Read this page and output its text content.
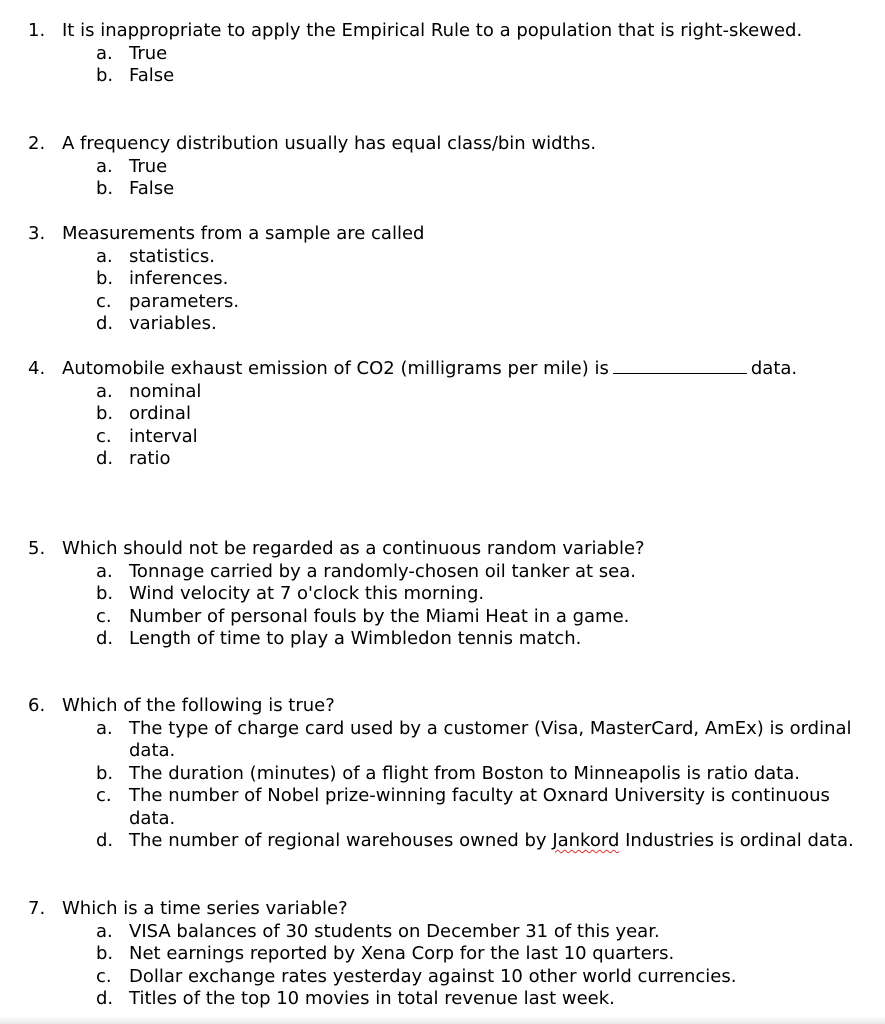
1. It is inappropriate to apply the Empirical Rule to a population that is right-skewed.
a. True
b. False
2. A frequency distribution usually has equal class/bin widths.
a. True
b. False
3. Measurements from a sample are called
a. statistics.
b. inferences.
c. parameters.
d. variables.
4. Automobile exhaust emission of CO2 (milligrams per mile) is	data.
a. nominal
b. ordinal
c. interval
d. ratio
5. Which should not be regarded as a continuous random variable?
a. Tonnage carried by a randomly-chosen oil tanker at sea.
b. Wind velocity at 7 o'clock this morning.
c. Number of personal fouls by the Miami Heat in a game.
d. Length of time to play a Wimbledon tennis match.
6. Which of the following is true?
a. The type of charge card used by a customer (Visa, MasterCard, AmEx) is ordinal data.
b. The duration (minutes) of a flight from Boston to Minneapolis is ratio data.
c. The number of Nobel prize-winning faculty at Oxnard University is continuous data.
d. The number of regional warehouses owned by Jankord Industries is ordinal data.
7. Which is a time series variable?
a. VISA balances of 30 students on December 31 of this year.
b. Net earnings reported by Xena Corp for the last 10 quarters.
c. Dollar exchange rates yesterday against 10 other world currencies.
d. Titles of the top 10 movies in total revenue last week.
